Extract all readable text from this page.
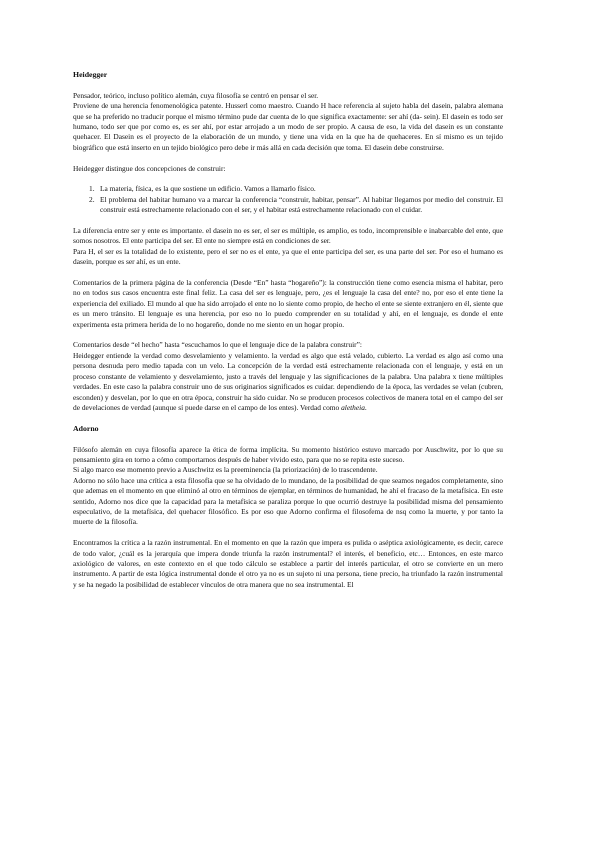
Heidegger

Pensador, teórico, incluso político alemán, cuya filosofía se centró en pensar el ser.

Proviene de una herencia fenomenológica patente. Husserl como maestro. Cuando H hace referencia al sujeto habla del dasein, palabra alemana que se ha preferido no traducir porque el mismo término pude dar cuenta de lo que significa exactamente: ser ahí (da- sein). El dasein es todo ser humano, todo ser que por como es, es ser ahí, por estar arrojado a un modo de ser propio. A causa de eso, la vida del dasein es un constante quehacer. El Dasein es el proyecto de la elaboración de un mundo, y tiene una vida en la que ha de quehaceres. En sí mismo es un tejido biográfico que está inserto en un tejido biológico pero debe ir más allá en cada decisión que toma. El dasein debe construirse.

Heidegger distingue dos concepciones de construir:

1. La materia, física, es la que sostiene un edificio. Vamos a llamarlo físico.
2. El problema del habitar humano va a marcar la conferencia “construir, habitar, pensar”. Al habitar llegamos por medio del construir. El construir está estrechamente relacionado con el ser, y el habitar está estrechamente relacionado con el cuidar.

La diferencia entre ser y ente es importante. el dasein no es ser, el ser es múltiple, es amplio, es todo, incomprensible e inabarcable del ente, que somos nosotros. El ente participa del ser. El ente no siempre está en condiciones de ser.

Para H, el ser es la totalidad de lo existente, pero el ser no es el ente, ya que el ente participa del ser, es una parte del ser. Por eso el humano es dasein, porque es ser ahí, es un ente.

Comentarios de la primera página de la conferencia (Desde “En” hasta “hogareño”): la construcción tiene como esencia misma el habitar, pero no en todos sus casos encuentra este final feliz. La casa del ser es lenguaje, pero, ¿es el lenguaje la casa del ente? no, por eso el ente tiene la experiencia del exiliado. El mundo al que ha sido arrojado el ente no lo siente como propio, de hecho el ente se siente extranjero en él, siente que es un mero tránsito. El lenguaje es una herencia, por eso no lo puedo comprender en su totalidad y ahí, en el lenguaje, es donde el ente experimenta esta primera herida de lo no hogareño, donde no me siento en un hogar propio.

Comentarios desde “el hecho” hasta “escuchamos lo que el lenguaje dice de la palabra construir”:

Heidegger entiende la verdad como desvelamiento y velamiento. la verdad es algo que está velado, cubierto. La verdad es algo así como una persona desnuda pero medio tapada con un velo. La concepción de la verdad está estrechamente relacionada con el lenguaje, y está en un proceso constante de velamiento y desvelamiento, justo a través del lenguaje y las significaciones de la palabra. Una palabra x tiene múltiples verdades. En este caso la palabra construir uno de sus originarios significados es cuidar. dependiendo de la época, las verdades se velan (cubren, esconden) y desvelan, por lo que en otra época, construir ha sido cuidar. No se producen procesos colectivos de manera total en el campo del ser de develaciones de verdad (aunque sí puede darse en el campo de los entes). Verdad como aletheia.

Adorno

Filósofo alemán en cuya filosofía aparece la ética de forma implícita. Su momento histórico estuvo marcado por Auschwitz, por lo que su pensamiento gira en torno a cómo comportarnos después de haber vivido esto, para que no se repita este suceso.

Si algo marco ese momento previo a Auschwitz es la preeminencia (la priorización) de lo trascendente.

Adorno no sólo hace una crítica a esta filosofía que se ha olvidado de lo mundano, de la posibilidad de que seamos negados completamente, sino que ademas en el momento en que eliminó al otro en términos de ejemplar, en términos de humanidad, he ahí el fracaso de la metafísica. En este sentido, Adorno nos dice que la capacidad para la metafísica se paraliza porque lo que ocurrió destruye la posibilidad misma del pensamiento especulativo, de la metafísica, del quehacer filosófico. Es por eso que Adorno confirma el filosofema de nsq como la muerte, y por tanto la muerte de la filosofía.

Encontramos la crítica a la razón instrumental. En el momento en que la razón que impera es pulida o aséptica axiológicamente, es decir, carece de todo valor, ¿cuál es la jerarquía que impera donde triunfa la razón instrumental? el interés, el beneficio, etc… Entonces, en este marco axiológico de valores, en este contexto en el que todo cálculo se establece a partir del interés particular, el otro se convierte en un mero instrumento. A partir de esta lógica instrumental donde el otro ya no es un sujeto ni una persona, tiene precio, ha triunfado la razón instrumental y se ha negado la posibilidad de establecer vínculos de otra manera que no sea instrumental. El
